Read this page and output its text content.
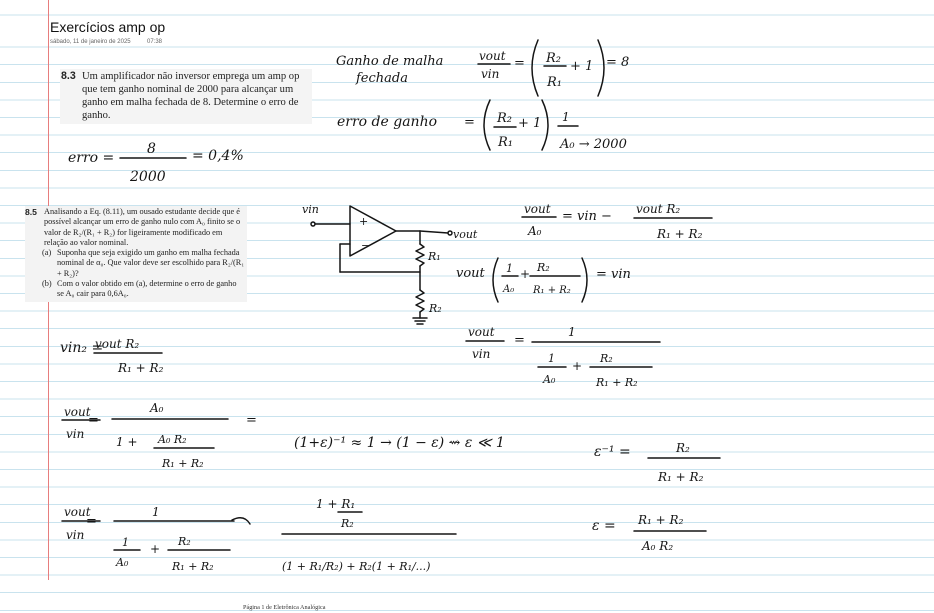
Exercícios amp op
sábado, 11 de janeiro de 2025	07:38
8.3 Um amplificador não inversor emprega um amp op que tem ganho nominal de 2000 para alcançar um ganho em malha fechada de 8. Determine o erro de ganho.
8.5 Analisando a Eq. (8.11), um ousado estudante decide que é possível alcançar um erro de ganho nulo com A₀ finito se o valor de R₂/(R₁ + R₂) for ligeiramente modificado em relação ao valor nominal.
(a) Suponha que seja exigido um ganho em malha fechada nominal de α₀. Que valor deve ser escolhido para R₂/(R₁ + R₂)?
(b) Com o valor obtido em (a), determine o erro de ganho se A₀ cair para 0,6A₀.
Ganho de malha
fechada
vout
vin
= R₂
R₁
+ 1 = 8
erro de ganho = R₂
R₁
+ 1 1
A₀ → 2000
erro =
8
2000
= 0,4%
vin
+
−
vout
R₁
R₂
vout
A₀
= vin − vout R₂
R₁ + R₂
vout 1
A₀
+ R₂
R₁ + R₂
= vin
vin₂ =
vout R₂
R₁ + R₂
vout
vin
=
1
1
A₀
+
R₂
R₁ + R₂
vout
vin
=
A₀
1 + A₀ R₂
R₁ + R₂
=
(1+ε)⁻¹ ≈ 1 → (1 − ε) ⇝ ε ≪ 1
ε⁻¹ =	R₂
R₁ + R₂
vout
vin
=
1
1
A₀
+
R₂
R₁ + R₂
1 + R₁
R₂
(1 + R₁/R₂) + R₂(1 + R₁/...)
ε = R₁ + R₂
A₀ R₂
Página 1 de Eletrônica Analógica
